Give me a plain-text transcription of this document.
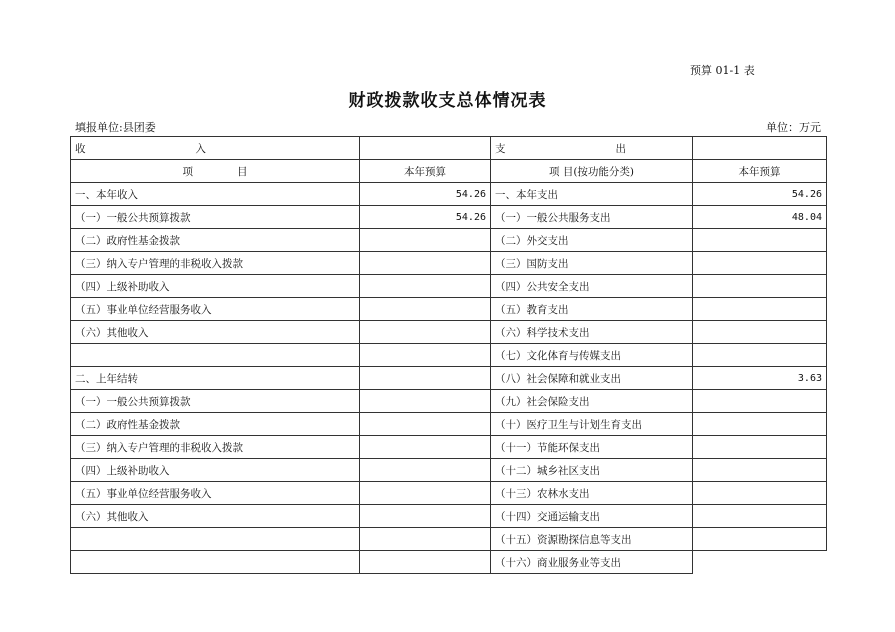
预算 01-1 表
财政拨款收支总体情况表
填报单位:县团委	单位：万元
收 入		支 出	
项 目	本年预算	项 目(按功能分类)	本年预算
一、本年收入	54.26	一、本年支出	54.26
（一）一般公共预算拨款	54.26	（一）一般公共服务支出	48.04
（二）政府性基金拨款		（二）外交支出	
（三）纳入专户管理的非税收入拨款		（三）国防支出	
（四）上级补助收入		（四）公共安全支出	
（五）事业单位经营服务收入		（五）教育支出	
（六）其他收入		（六）科学技术支出	
		（七）文化体育与传媒支出	
二、上年结转		（八）社会保障和就业支出	3.63
（一）一般公共预算拨款		（九）社会保险支出	
（二）政府性基金拨款		（十）医疗卫生与计划生育支出	
（三）纳入专户管理的非税收入拨款		（十一）节能环保支出	
（四）上级补助收入		（十二）城乡社区支出	
（五）事业单位经营服务收入		（十三）农林水支出	
（六）其他收入		（十四）交通运输支出	
		（十五）资源勘探信息等支出	
		（十六）商业服务业等支出	
